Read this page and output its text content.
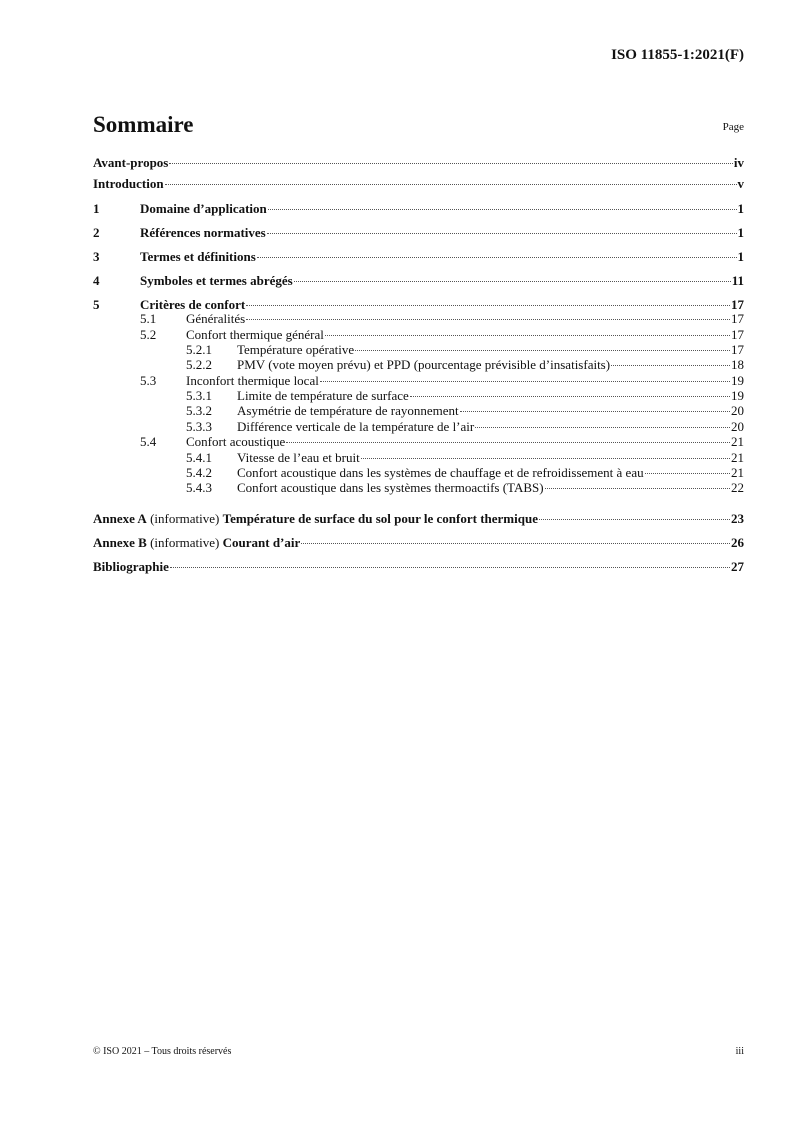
ISO 11855-1:2021(F)
Sommaire	Page
Avant-propos	iv
Introduction	v
1	Domaine d’application	1
2	Références normatives	1
3	Termes et définitions	1
4	Symboles et termes abrégés	11
5	Critères de confort	17
5.1	Généralités	17
5.2	Confort thermique général	17
5.2.1	Température opérative	17
5.2.2	PMV (vote moyen prévu) et PPD (pourcentage prévisible d’insatisfaits)	18
5.3	Inconfort thermique local	19
5.3.1	Limite de température de surface	19
5.3.2	Asymétrie de température de rayonnement	20
5.3.3	Différence verticale de la température de l’air	20
5.4	Confort acoustique	21
5.4.1	Vitesse de l’eau et bruit	21
5.4.2	Confort acoustique dans les systèmes de chauffage et de refroidissement à eau	21
5.4.3	Confort acoustique dans les systèmes thermoactifs (TABS)	22
Annexe A (informative) Température de surface du sol pour le confort thermique	23
Annexe B (informative) Courant d’air	26
Bibliographie	27
© ISO 2021 – Tous droits réservés	iii
